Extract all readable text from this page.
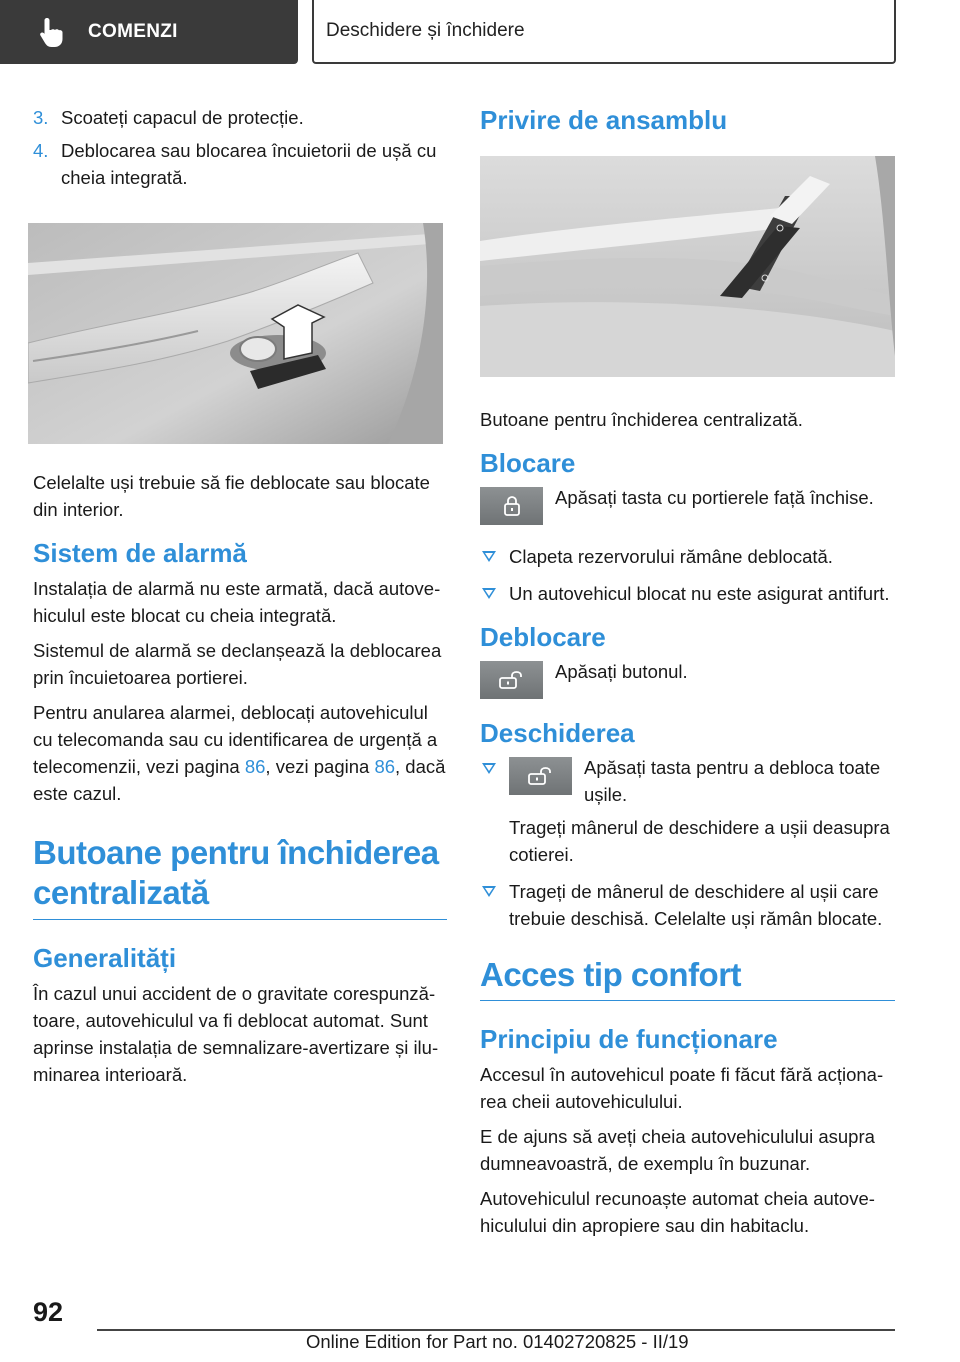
COMENZI	Deschidere și închidere
3. Scoateți capacul de protecție.
4. Deblocarea sau blocarea încuietorii de ușă cu cheia integrată.

Celelalte uși trebuie să fie deblocate sau blocate din interior.

Sistem de alarmă

Instalația de alarmă nu este armată, dacă autovehiculul este blocat cu cheia integrată.

Sistemul de alarmă se declanșează la deblocarea prin încuietoarea portierei.

Pentru anularea alarmei, deblocați autovehiculul cu telecomanda sau cu identificarea de urgență a telecomenzii, vezi pagina 86, vezi pagina 86, dacă este cazul.

Butoane pentru închiderea centralizată
Generalități

În cazul unui accident de o gravitate corespunzătoare, autovehiculul va fi deblocat automat. Sunt aprinse instalația de semnalizare-avertizare și iluminarea interioară.

Privire de ansamblu

Butoane pentru închiderea centralizată.

Blocare
Apăsați tasta cu portierele față închise.
Clapeta rezervorului rămâne deblocată.
Un autovehicul blocat nu este asigurat antifurt.
Deblocare
Apăsați butonul.
Deschiderea
Apăsați tasta pentru a debloca toate ușile.
Trageți mânerul de deschidere a ușii deasupra cotierei.
Trageți de mânerul de deschidere al ușii care trebuie deschisă. Celelalte uși rămân blocate.
Acces tip confort
Principiu de funcționare

Accesul în autovehicul poate fi făcut fără acționarea cheii autovehiculului.

E de ajuns să aveți cheia autovehiculului asupra dumneavoastră, de exemplu în buzunar.

Autovehiculul recunoaște automat cheia autovehiculului din apropiere sau din habitaclu.

92
Online Edition for Part no. 01402720825 - II/19
